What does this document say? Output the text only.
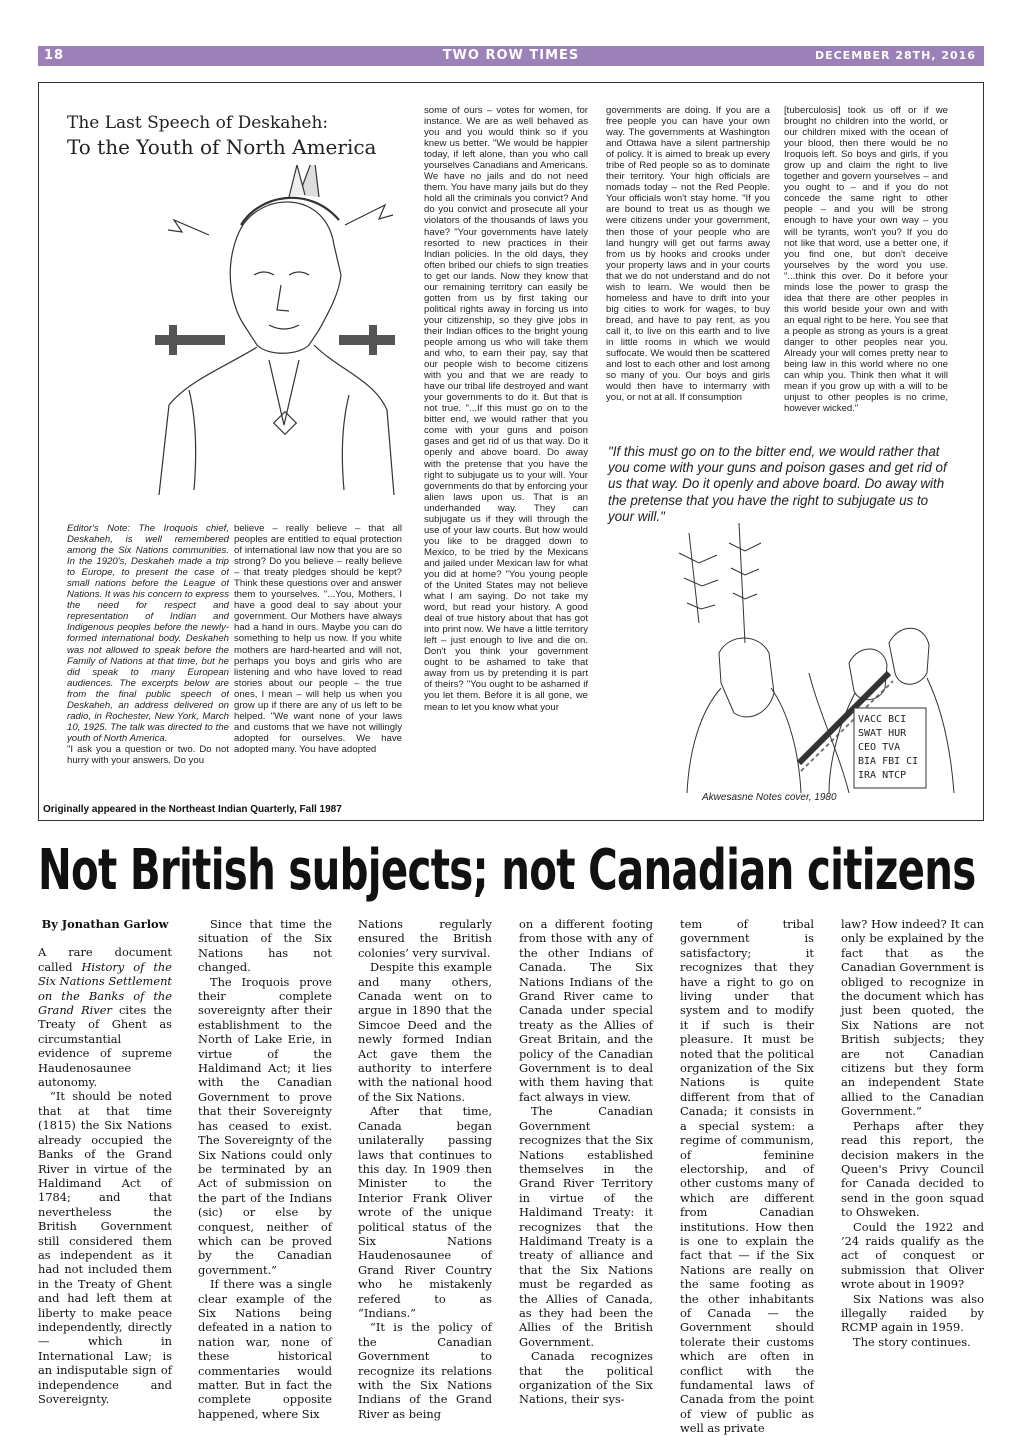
18	TWO ROW TIMES	DECEMBER 28TH, 2016
The Last Speech of Deskaheh:
To the Youth of North America

Editor's Note: The Iroquois chief, Deskaheh, is well remembered among the Six Nations communities. In the 1920's, Deskaheh made a trip to Europe, to present the case of small nations before the League of Nations. It was his concern to express the need for respect and representation of Indian and Indigenous peoples before the newly-formed international body. Deskaheh was not allowed to speak before the Family of Nations at that time, but he did speak to many European audiences. The excerpts below are from the final public speech of Deskaheh, an address delivered on radio, in Rochester, New York, March 10, 1925. The talk was directed to the youth of North America.

"I ask you a question or two. Do not hurry with your answers. Do you

believe – really believe – that all peoples are entitled to equal protection of international law now that you are so strong? Do you believe – really believe – that treaty pledges should be kept? Think these questions over and answer them to yourselves. "...You, Mothers, I have a good deal to say about your government. Our Mothers have always had a hand in ours. Maybe you can do something to help us now. If you white mothers are hard-hearted and will not, perhaps you boys and girls who are listening and who have loved to read stories about our people – the true ones, I mean – will help us when you grow up if there are any of us left to be helped. "We want none of your laws and customs that we have not willingly adopted for ourselves. We have adopted many. You have adopted
some of ours – votes for women, for instance. We are as well behaved as you and you would think so if you knew us better. "We would be happier today, if left alone, than you who call yourselves Canadians and Americans. We have no jails and do not need them. You have many jails but do they hold all the criminals you convict? And do you convict and prosecute all your violators of the thousands of laws you have? "Your governments have lately resorted to new practices in their Indian policies. In the old days, they often bribed our chiefs to sign treaties to get our lands. Now they know that our remaining territory can easily be gotten from us by first taking our political rights away in forcing us into your citizenship, so they give jobs in their Indian offices to the bright young people among us who will take them and who, to earn their pay, say that our people wish to become citizens with you and that we are ready to have our tribal life destroyed and want your governments to do it. But that is not true. "...If this must go on to the bitter end, we would rather that you come with your guns and poison gases and get rid of us that way. Do it openly and above board. Do away with the pretense that you have the right to subjugate us to your will. Your governments do that by enforcing your alien laws upon us. That is an underhanded way. They can subjugate us if they will through the use of your law courts. But how would you like to be dragged down to Mexico, to be tried by the Mexicans and jailed under Mexican law for what you did at home? "You young people of the United States may not believe what I am saying. Do not take my word, but read your history. A good deal of true history about that has got into print now. We have a little territory left – just enough to live and die on. Don't you think your government ought to be ashamed to take that away from us by pretending it is part of theirs? "You ought to be ashamed if you let them. Before it is all gone, we mean to let you know what your
governments are doing. If you are a free people you can have your own way. The governments at Washington and Ottawa have a silent partnership of policy. It is aimed to break up every tribe of Red people so as to dominate their territory. Your high officials are nomads today – not the Red People. Your officials won't stay home. "If you are bound to treat us as though we were citizens under your government, then those of your people who are land hungry will get out farms away from us by hooks and crooks under your property laws and in your courts that we do not understand and do not wish to learn. We would then be homeless and have to drift into your big cities to work for wages, to buy bread, and have to pay rent, as you call it, to live on this earth and to live in little rooms in which we would suffocate. We would then be scattered and lost to each other and lost among so many of you. Our boys and girls would then have to intermarry with you, or not at all. If consumption
[tuberculosis] took us off or if we brought no children into the world, or our children mixed with the ocean of your blood, then there would be no Iroquois left. So boys and girls, if you grow up and claim the right to live together and govern yourselves – and you ought to – and if you do not concede the same right to other people – and you will be strong enough to have your own way – you will be tyrants, won't you? If you do not like that word, use a better one, if you find one, but don't deceive yourselves by the word you use. "...think this over. Do it before your minds lose the power to grasp the idea that there are other peoples in this world beside your own and with an equal right to be here. You see that a people as strong as yours is a great danger to other peoples near you. Already your will comes pretty near to being law in this world where no one can whip you. Think then what it will mean if you grow up with a will to be unjust to other peoples is no crime, however wicked."
"If this must go on to the bitter end, we would rather that you come with your guns and poison gases and get rid of us that way. Do it openly and above board. Do away with the pretense that you have the right to subjugate us to your will."
VACC BCI
SWAT HUR
CEO TVA
BIA FBI CI
IRA NTCP
Akwesasne Notes cover, 1980
Originally appeared in the Northeast Indian Quarterly, Fall 1987
Not British subjects; not Canadian citizens

By Jonathan Garlow

A rare document called History of the Six Nations Settlement on the Banks of the Grand River cites the Treaty of Ghent as circumstantial evidence of supreme Haudenosaunee autonomy.

“It should be noted that at that time (1815) the Six Nations already occupied the Banks of the Grand River in virtue of the Haldimand Act of 1784; and that nevertheless the British Government still considered them as independent as it had not included them in the Treaty of Ghent and had left them at liberty to make peace independently, directly — which in International Law; is an indisputable sign of independence and Sovereignty.

Since that time the situation of the Six Nations has not changed.

The Iroquois prove their complete sovereignty after their establishment to the North of Lake Erie, in virtue of the Haldimand Act; it lies with the Canadian Government to prove that their Sovereignty has ceased to exist. The Sovereignty of the Six Nations could only be terminated by an Act of submission on the part of the Indians (sic) or else by conquest, neither of which can be proved by the Canadian government.”

If there was a single clear example of the Six Nations being defeated in a nation to nation war, none of these historical commentaries would matter. But in fact the complete opposite happened, where Six

Nations regularly ensured the British colonies’ very survival.

Despite this example and many others, Canada went on to argue in 1890 that the Simcoe Deed and the newly formed Indian Act gave them the authority to interfere with the national hood of the Six Nations.

After that time, Canada began unilaterally passing laws that continues to this day. In 1909 then Minister to the Interior Frank Oliver wrote of the unique political status of the Six Nations Haudenosaunee of Grand River Country who he mistakenly refered to as “Indians.”

“It is the policy of the Canadian Government to recognize its relations with the Six Nations Indians of the Grand River as being

on a different footing from those with any of the other Indians of Canada. The Six Nations Indians of the Grand River came to Canada under special treaty as the Allies of Great Britain, and the policy of the Canadian Government is to deal with them having that fact always in view.

The Canadian Government recognizes that the Six Nations established themselves in the Grand River Territory in virtue of the Haldimand Treaty: it recognizes that the Haldimand Treaty is a treaty of alliance and that the Six Nations must be regarded as the Allies of Canada, as they had been the Allies of the British Government.

Canada recognizes that the political organization of the Six Nations, their sys-

tem of tribal government is satisfactory; it recognizes that they have a right to go on living under that system and to modify it if such is their pleasure. It must be noted that the political organization of the Six Nations is quite different from that of Canada; it consists in a special system: a regime of communism, of feminine electorship, and of other customs many of which are different from Canadian institutions. How then is one to explain the fact that — if the Six Nations are really on the same footing as the other inhabitants of Canada — the Government should tolerate their customs which are often in conflict with the fundamental laws of Canada from the point of view of public as well as private

law? How indeed? It can only be explained by the fact that as the Canadian Government is obliged to recognize in the document which has just been quoted, the Six Nations are not British subjects; they are not Canadian citizens but they form an independent State allied to the Canadian Government.”

Perhaps after they read this report, the decision makers in the Queen's Privy Council for Canada decided to send in the goon squad to Ohsweken.

Could the 1922 and ’24 raids qualify as the act of conquest or submission that Oliver wrote about in 1909?

Six Nations was also illegally raided by RCMP again in 1959.

The story continues.
